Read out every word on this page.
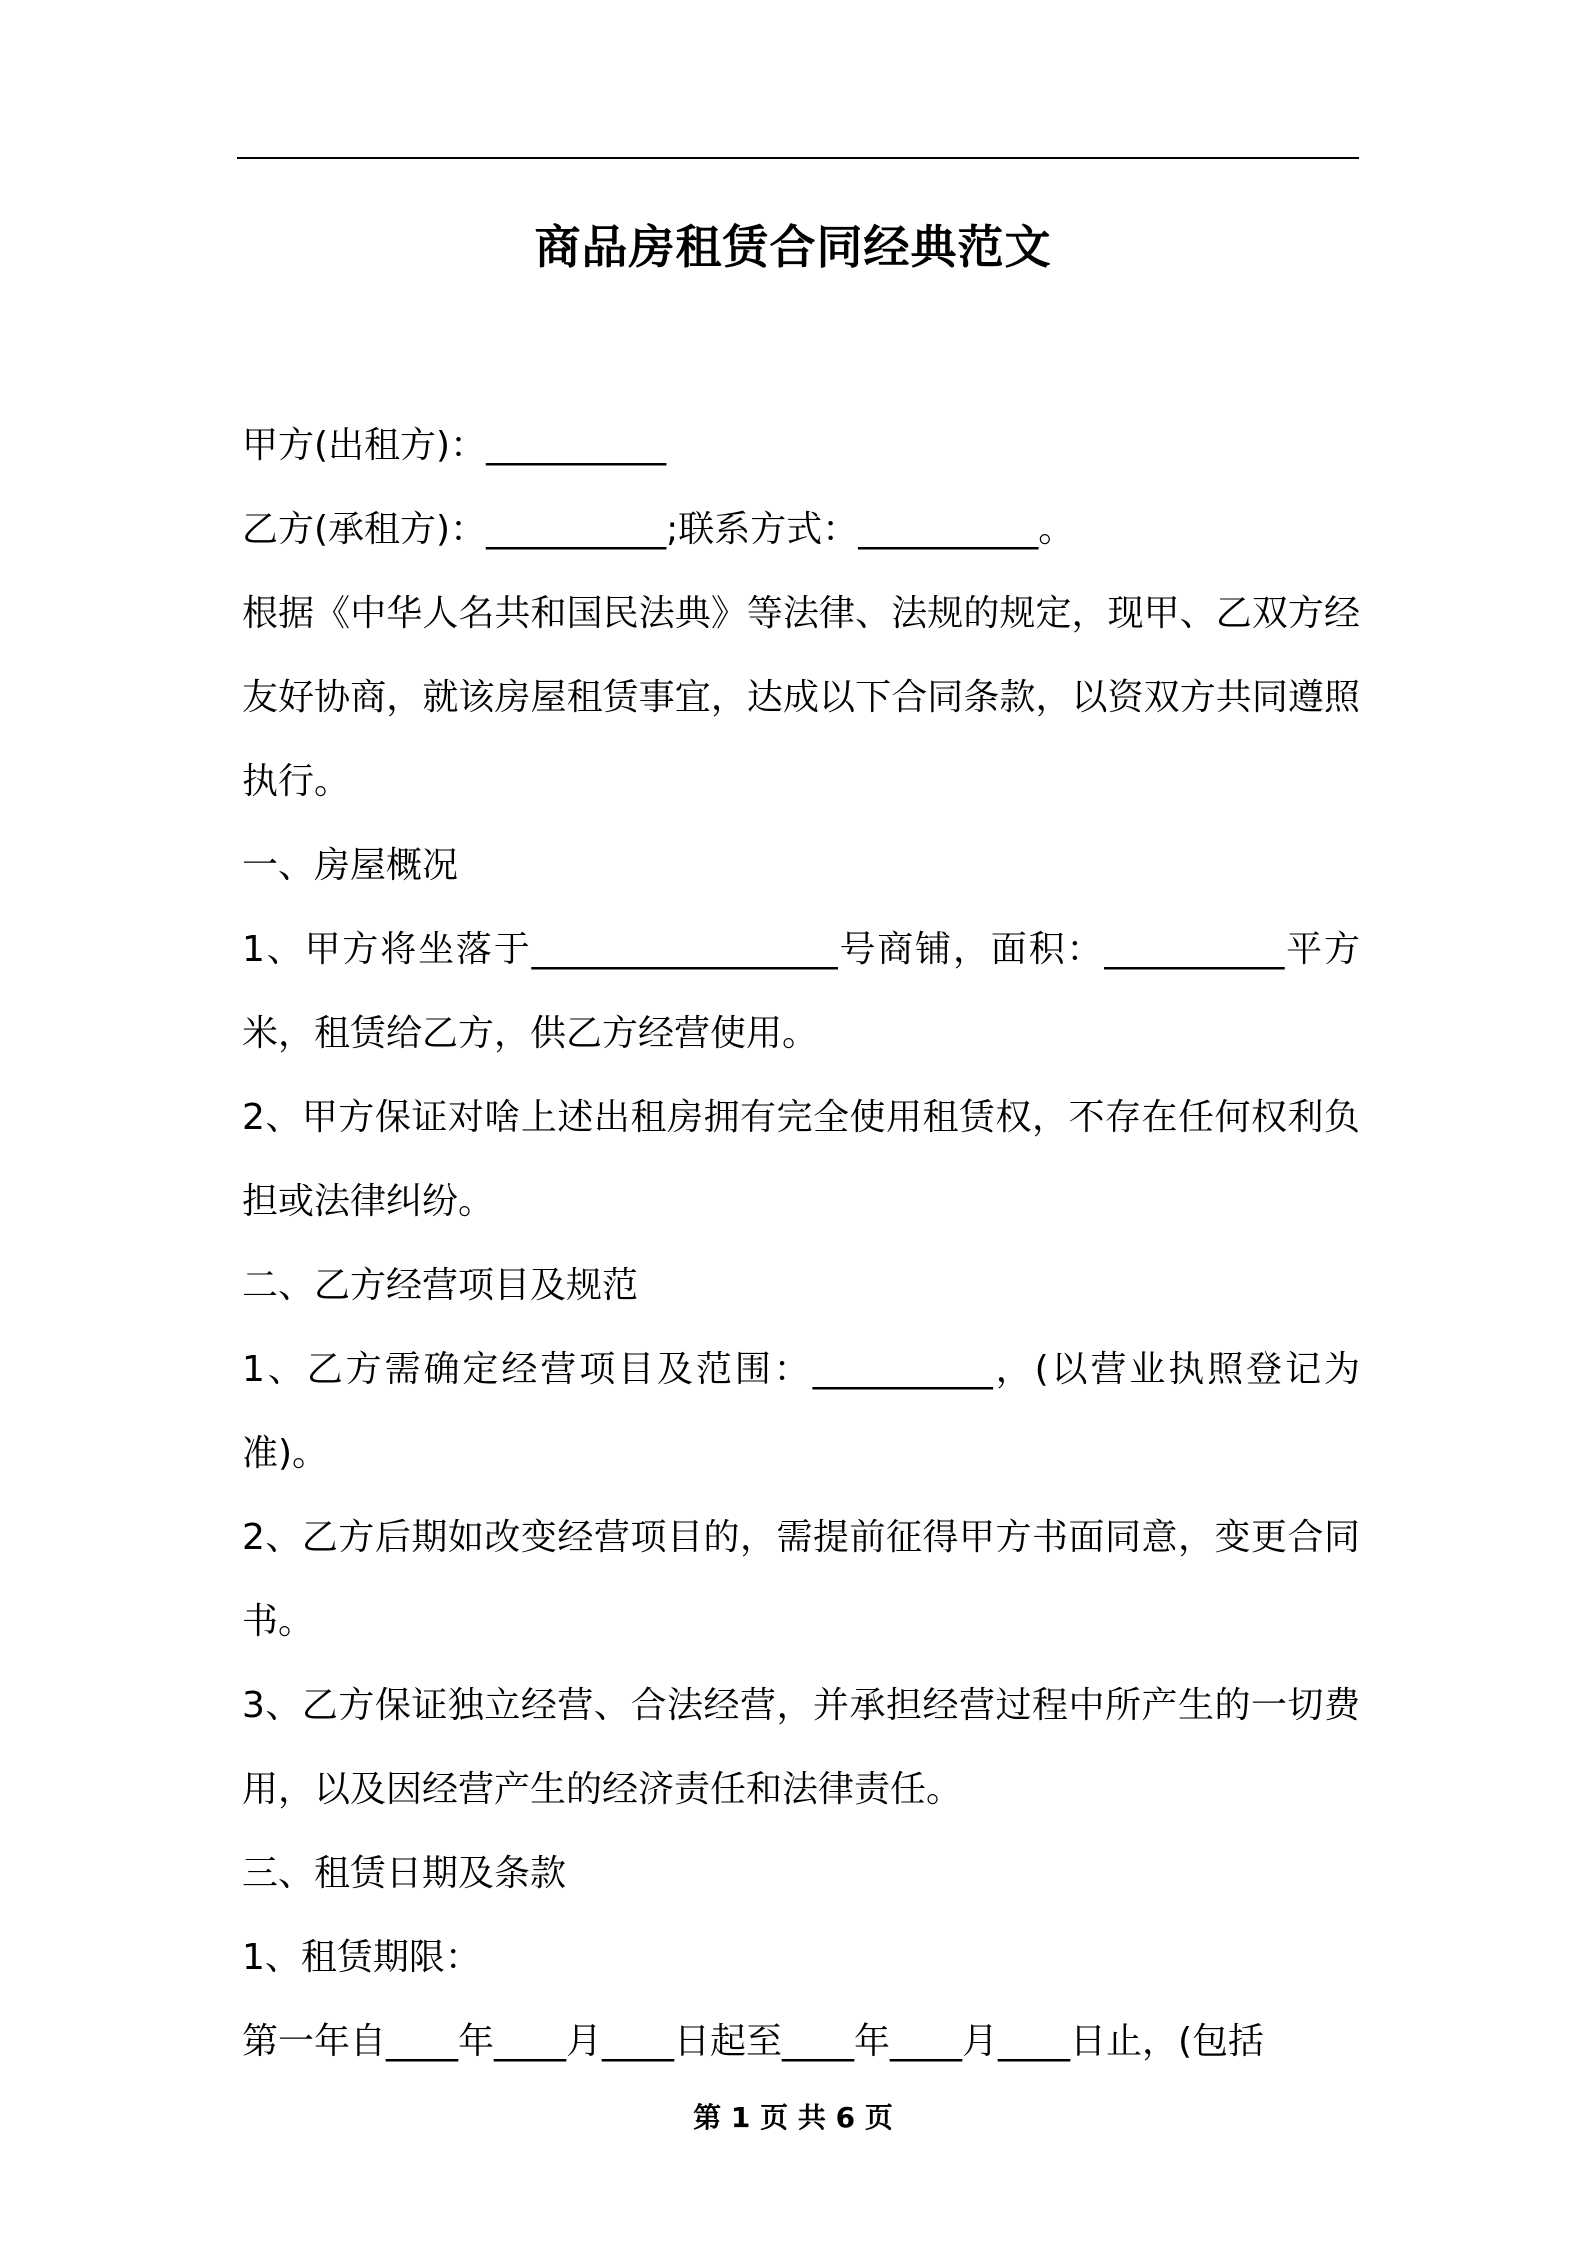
商品房租赁合同经典范文

甲方(出租方)：__________

乙方(承租方)：__________;联系方式：__________。

根据《中华人名共和国民法典》等法律、法规的规定，现甲、乙双方经友好协商，就该房屋租赁事宜，达成以下合同条款，以资双方共同遵照执行。

一、房屋概况

1、甲方将坐落于_________________号商铺，面积：__________平方米，租赁给乙方，供乙方经营使用。

2、甲方保证对啥上述出租房拥有完全使用租赁权，不存在任何权利负担或法律纠纷。

二、乙方经营项目及规范

1、乙方需确定经营项目及范围：__________，(以营业执照登记为准)。

2、乙方后期如改变经营项目的，需提前征得甲方书面同意，变更合同书。

3、乙方保证独立经营、合法经营，并承担经营过程中所产生的一切费用，以及因经营产生的经济责任和法律责任。

三、租赁日期及条款

1、租赁期限：

第一年自____年____月____日起至____年____月____日止，(包括

第 1 页 共 6 页
